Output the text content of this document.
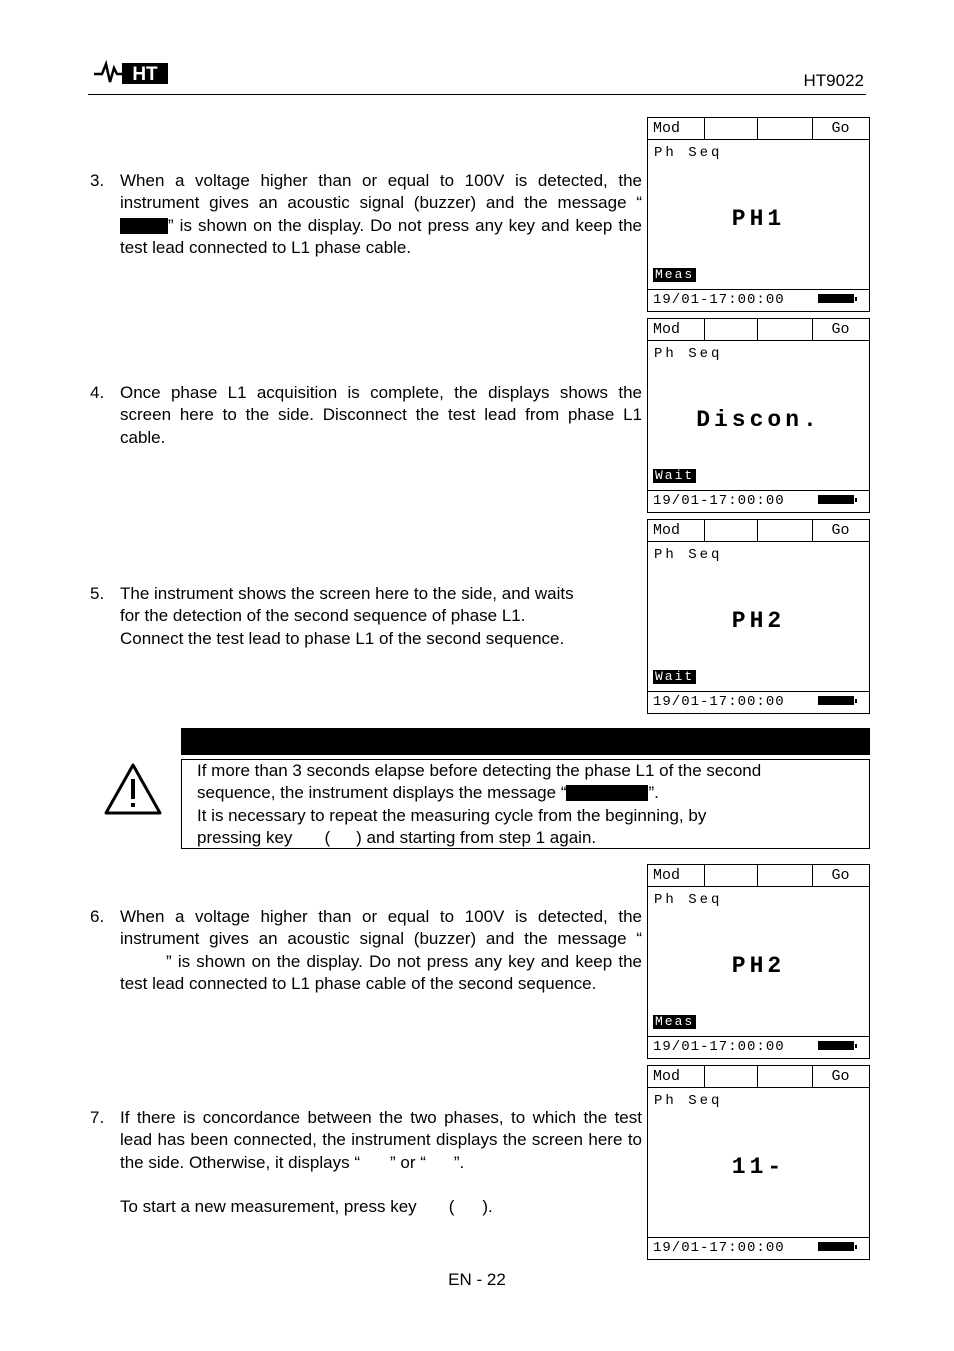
HT	HT9022
3. When a voltage higher than or equal to 100V is detected, the instrument gives an acoustic signal (buzzer) and the message “” is shown on the display. Do not press any key and keep the test lead connected to L1 phase cable.

4. Once phase L1 acquisition is complete, the displays shows the screen here to the side. Disconnect the test lead from phase L1 cable.

5. The instrument shows the screen here to the side, and waits

for the detection of the second sequence of phase L1.

Connect the test lead to phase L1 of the second sequence.

6. When a voltage higher than or equal to 100V is detected, the instrument gives an acoustic signal (buzzer) and the message “” is shown on the display. Do not press any key and keep the test lead connected to L1 phase cable of the second sequence.

7. If there is concordance between the two phases, to which the test lead has been connected, the instrument displays the screen here to the side. Otherwise, it displays “ ” or “ ”.

To start a new measurement, press key ( ).

Mod	Go
Ph Seq
PH1
Meas
19/01-17:00:00
Mod	Go
Ph Seq
Discon.
Wait
19/01-17:00:00
Mod	Go
Ph Seq
PH2
Wait
19/01-17:00:00

If more than 3 seconds elapse before detecting the phase L1 of the second

sequence, the instrument displays the message “	”.

It is necessary to repeat the measuring cycle from the beginning, by

pressing key ( ) and starting from step 1 again.

Mod	Go
Ph Seq
PH2
Meas
19/01-17:00:00
Mod	Go
Ph Seq
11-
19/01-17:00:00
EN - 22
